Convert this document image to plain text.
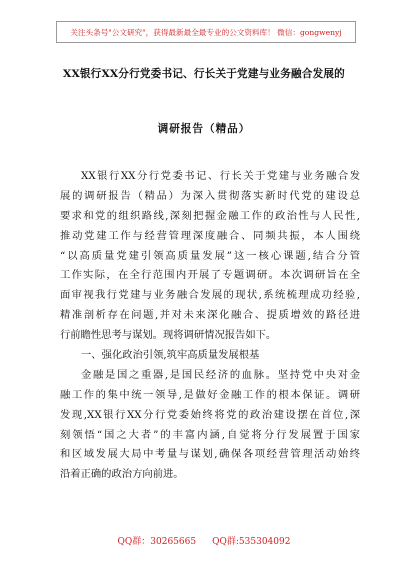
关注头条号"公文研究"，获得最新最全最专业的公文资料库！ 微信：gongwenyj
XX银行XX分行党委书记、行长关于党建与业务融合发展的
调研报告（精品）
XX银行XX分行党委书记、行长关于党建与业务融合发
展的调研报告（精品）为深入贯彻落实新时代党的建设总
要求和党的组织路线,深刻把握金融工作的政治性与人民性,
推动党建工作与经营管理深度融合、同频共振，本人围绕
“以高质量党建引领高质量发展”这一核心课题,结合分管
工作实际，在全行范围内开展了专题调研。本次调研旨在全
面审视我行党建与业务融合发展的现状,系统梳理成功经验,
精准剖析存在问题,并对未来深化融合、提质增效的路径进
行前瞻性思考与谋划。现将调研情况报告如下。
一、强化政治引领,筑牢高质量发展根基
金融是国之重器,是国民经济的血脉。坚持党中央对金
融工作的集中统一领导,是做好金融工作的根本保证。调研
发现,XX银行XX分行党委始终将党的政治建设摆在首位,深
刻领悟“国之大者”的丰富内涵,自觉将分行发展置于国家
和区域发展大局中考量与谋划,确保各项经营管理活动始终
沿着正确的政治方向前进。
QQ群：30265665 QQ群:535304092
